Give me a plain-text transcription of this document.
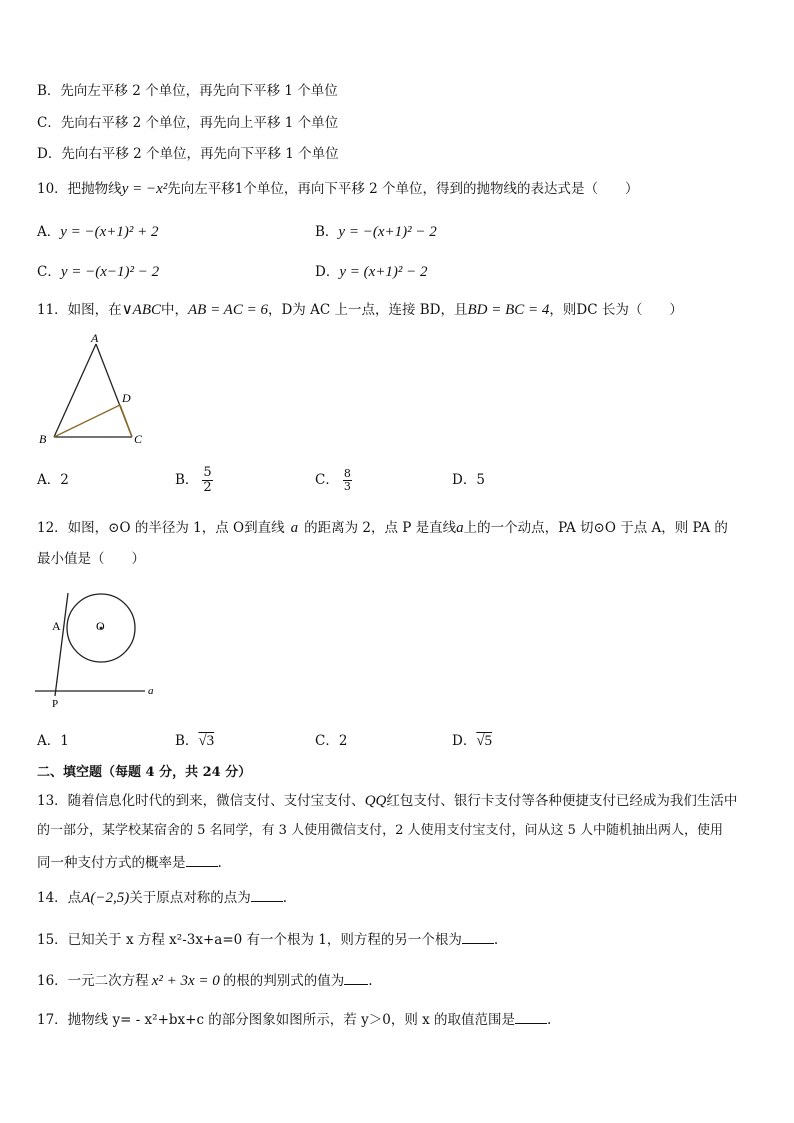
B．先向左平移 2 个单位，再先向下平移 1 个单位
C．先向右平移 2 个单位，再先向上平移 1 个单位
D．先向右平移 2 个单位，再先向下平移 1 个单位
10．把抛物线y = −x²先向左平移1个单位，再向下平移 2 个单位，得到的抛物线的表达式是（　　）
A．y = −(x+1)² + 2	B．y = −(x+1)² − 2
C．y = −(x−1)² − 2	D．y = (x+1)² − 2
11．如图，在∨ABC中，AB = AC = 6，D为 AC 上一点，连接 BD，且BD = BC = 4，则DC 长为（　　）
A
D
B	C
A．2	B． $\frac{5}{2}$	C． $\frac{8}{3}$	D．5
12．如图，⊙O 的半径为 1，点 O到直线 a 的距离为 2，点 P 是直线a上的一个动点，PA 切⊙O 于点 A，则 PA 的
最小值是（　　）
O
A
P
a
A．1	B．√3	C．2	D．√5
二、填空题（每题 4 分，共 24 分）
13．随着信息化时代的到来，微信支付、支付宝支付、QQ红包支付、银行卡支付等各种便捷支付已经成为我们生活中
的一部分，某学校某宿舍的 5 名同学，有 3 人使用微信支付，2 人使用支付宝支付，问从这 5 人中随机抽出两人，使用
同一种支付方式的概率是 .
14．点A(−2,5)关于原点对称的点为 .
15．已知关于 x 方程 x²-3x+a=0 有一个根为 1，则方程的另一个根为 .
16．一元二次方程 x² + 3x = 0 的根的判别式的值为 .
17．抛物线 y= - x²+bx+c 的部分图象如图所示，若 y＞0，则 x 的取值范围是 .
